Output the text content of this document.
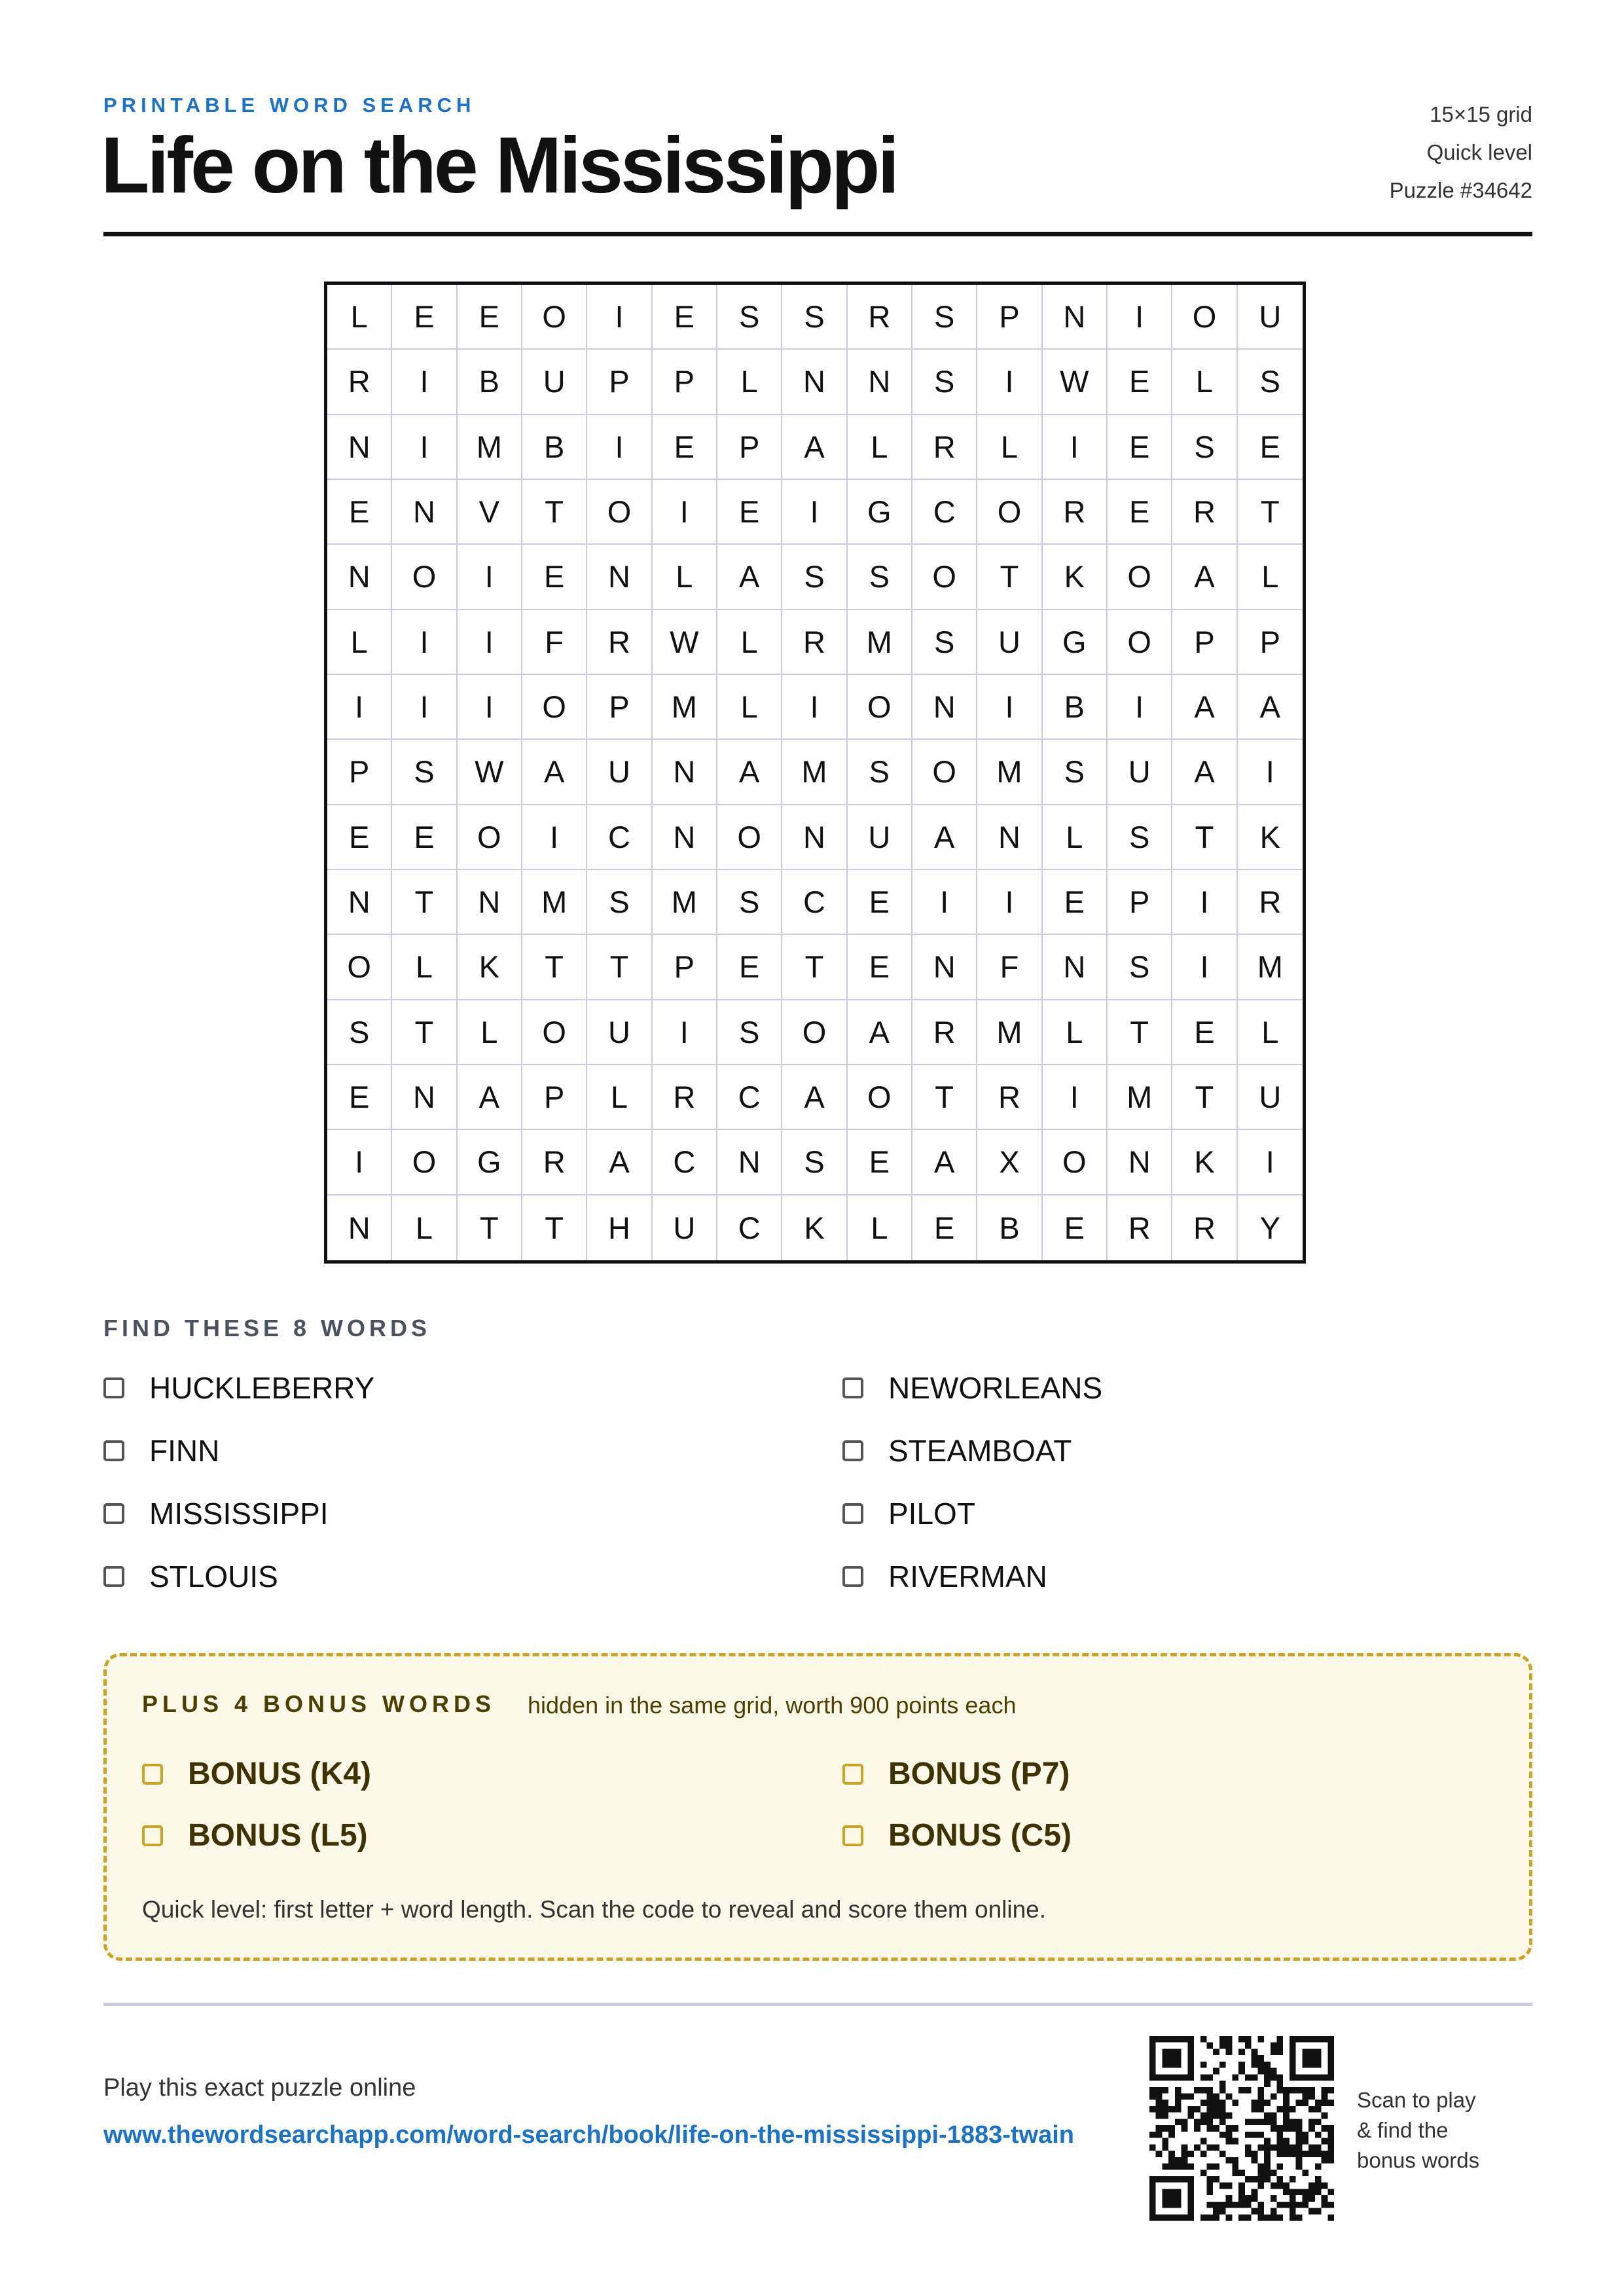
PRINTABLE WORD SEARCH
Life on the Mississippi
15×15 grid
Quick level
Puzzle #34642
L	E	E	O	I	E	S	S	R	S	P	N	I	O	U
R	I	B	U	P	P	L	N	N	S	I	W	E	L	S
N	I	M	B	I	E	P	A	L	R	L	I	E	S	E
E	N	V	T	O	I	E	I	G	C	O	R	E	R	T
N	O	I	E	N	L	A	S	S	O	T	K	O	A	L
L	I	I	F	R	W	L	R	M	S	U	G	O	P	P
I	I	I	O	P	M	L	I	O	N	I	B	I	A	A
P	S	W	A	U	N	A	M	S	O	M	S	U	A	I
E	E	O	I	C	N	O	N	U	A	N	L	S	T	K
N	T	N	M	S	M	S	C	E	I	I	E	P	I	R
O	L	K	T	T	P	E	T	E	N	F	N	S	I	M
S	T	L	O	U	I	S	O	A	R	M	L	T	E	L
E	N	A	P	L	R	C	A	O	T	R	I	M	T	U
I	O	G	R	A	C	N	S	E	A	X	O	N	K	I
N	L	T	T	H	U	C	K	L	E	B	E	R	R	Y
FIND THESE 8 WORDS
HUCKLEBERRY
FINN
MISSISSIPPI
STLOUIS
NEWORLEANS
STEAMBOAT
PILOT
RIVERMAN
PLUS 4 BONUS WORDS hidden in the same grid, worth 900 points each
BONUS (K4)
BONUS (L5)
BONUS (P7)
BONUS (C5)
Quick level: first letter + word length. Scan the code to reveal and score them online.
Play this exact puzzle online
www.thewordsearchapp.com/word-search/book/life-on-the-mississippi-1883-twain
Scan to play & find the bonus words
